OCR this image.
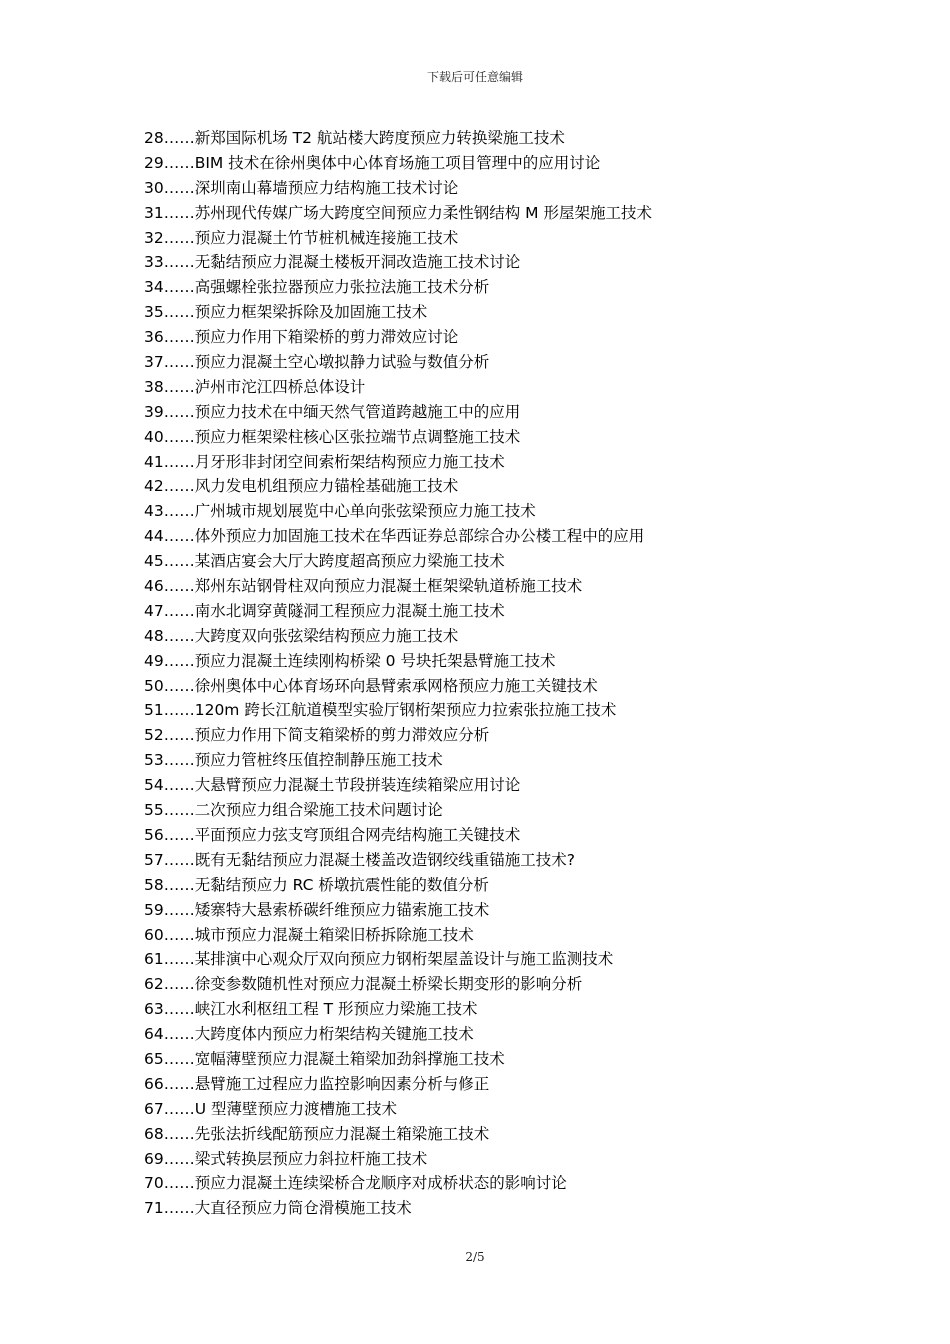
下载后可任意编辑
28……新郑国际机场 T2 航站楼大跨度预应力转换梁施工技术
29……BIM 技术在徐州奥体中心体育场施工项目管理中的应用讨论
30……深圳南山幕墙预应力结构施工技术讨论
31……苏州现代传媒广场大跨度空间预应力柔性钢结构 M 形屋架施工技术
32……预应力混凝土竹节桩机械连接施工技术
33……无黏结预应力混凝土楼板开洞改造施工技术讨论
34……高强螺栓张拉器预应力张拉法施工技术分析
35……预应力框架梁拆除及加固施工技术
36……预应力作用下箱梁桥的剪力滞效应讨论
37……预应力混凝土空心墩拟静力试验与数值分析
38……泸州市沱江四桥总体设计
39……预应力技术在中缅天然气管道跨越施工中的应用
40……预应力框架梁柱核心区张拉端节点调整施工技术
41……月牙形非封闭空间索桁架结构预应力施工技术
42……风力发电机组预应力锚栓基础施工技术
43……广州城市规划展览中心单向张弦梁预应力施工技术
44……体外预应力加固施工技术在华西证券总部综合办公楼工程中的应用
45……某酒店宴会大厅大跨度超高预应力梁施工技术
46……郑州东站钢骨柱双向预应力混凝土框架梁轨道桥施工技术
47……南水北调穿黄隧洞工程预应力混凝土施工技术
48……大跨度双向张弦梁结构预应力施工技术
49……预应力混凝土连续刚构桥梁 0 号块托架悬臂施工技术
50……徐州奥体中心体育场环向悬臂索承网格预应力施工关键技术
51……120m 跨长江航道模型实验厅钢桁架预应力拉索张拉施工技术
52……预应力作用下简支箱梁桥的剪力滞效应分析
53……预应力管桩终压值控制静压施工技术
54……大悬臂预应力混凝土节段拼装连续箱梁应用讨论
55……二次预应力组合梁施工技术问题讨论
56……平面预应力弦支穹顶组合网壳结构施工关键技术
57……既有无黏结预应力混凝土楼盖改造钢绞线重锚施工技术?
58……无黏结预应力 RC 桥墩抗震性能的数值分析
59……矮寨特大悬索桥碳纤维预应力锚索施工技术
60……城市预应力混凝土箱梁旧桥拆除施工技术
61……某排演中心观众厅双向预应力钢桁架屋盖设计与施工监测技术
62……徐变参数随机性对预应力混凝土桥梁长期变形的影响分析
63……峡江水利枢纽工程 T 形预应力梁施工技术
64……大跨度体内预应力桁架结构关键施工技术
65……宽幅薄壁预应力混凝土箱梁加劲斜撑施工技术
66……悬臂施工过程应力监控影响因素分析与修正
67……U 型薄壁预应力渡槽施工技术
68……先张法折线配筋预应力混凝土箱梁施工技术
69……梁式转换层预应力斜拉杆施工技术
70……预应力混凝土连续梁桥合龙顺序对成桥状态的影响讨论
71……大直径预应力筒仓滑模施工技术
2/5
